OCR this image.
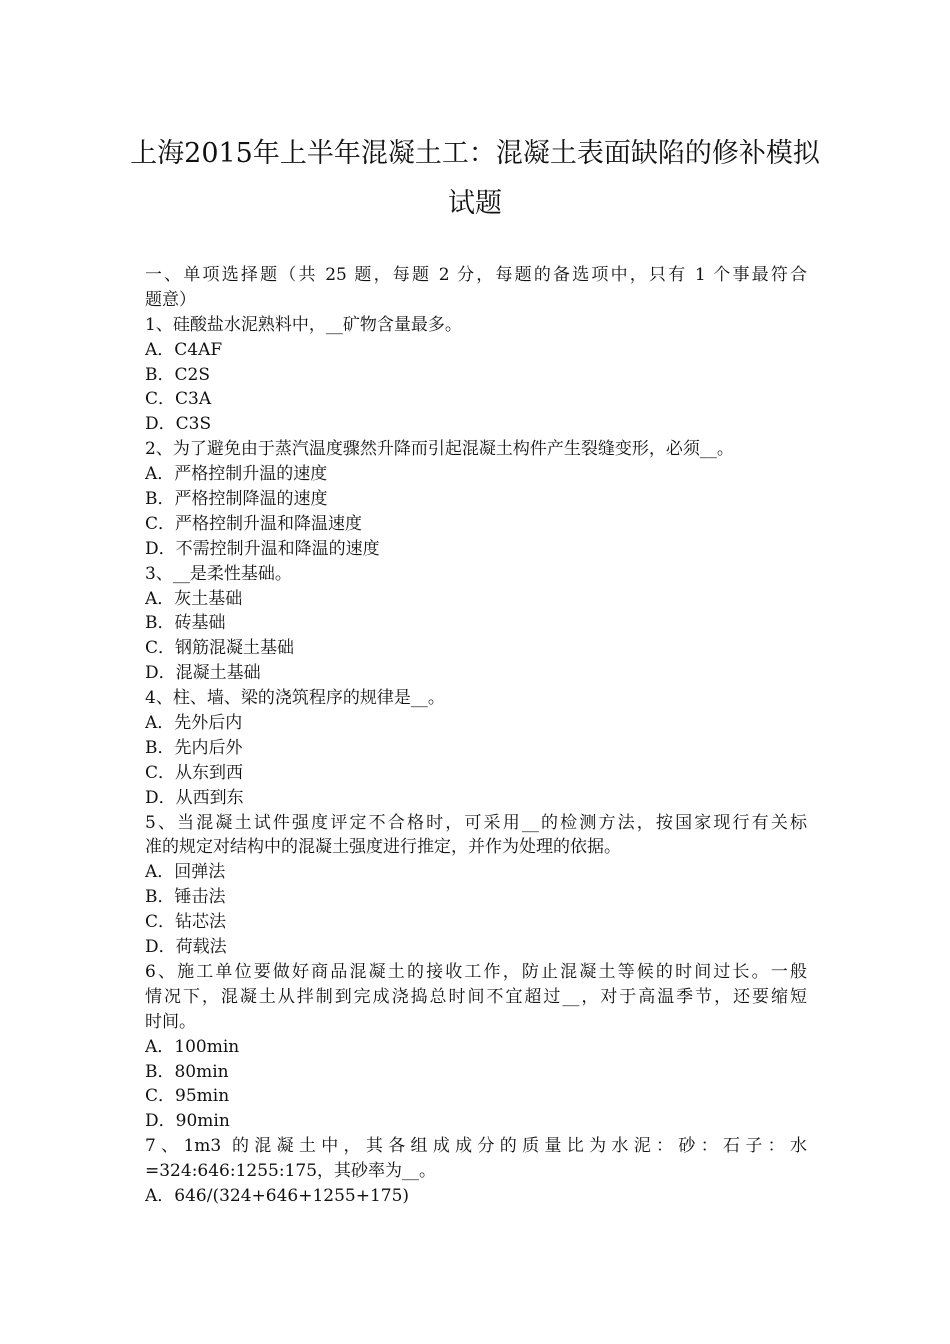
上海2015年上半年混凝土工：混凝土表面缺陷的修补模拟
试题
一、单项选择题（共 25 题，每题 2 分，每题的备选项中，只有 1 个事最符合
题意）
1、硅酸盐水泥熟料中，__矿物含量最多。
A．C4AF
B．C2S
C．C3A
D．C3S
2、为了避免由于蒸汽温度骤然升降而引起混凝土构件产生裂缝变形，必须__。
A．严格控制升温的速度
B．严格控制降温的速度
C．严格控制升温和降温速度
D．不需控制升温和降温的速度
3、__是柔性基础。
A．灰土基础
B．砖基础
C．钢筋混凝土基础
D．混凝土基础
4、柱、墙、梁的浇筑程序的规律是__。
A．先外后内
B．先内后外
C．从东到西
D．从西到东
5、当混凝土试件强度评定不合格时，可采用__的检测方法，按国家现行有关标
准的规定对结构中的混凝土强度进行推定，并作为处理的依据。
A．回弹法
B．锤击法
C．钻芯法
D．荷载法
6、施工单位要做好商品混凝土的接收工作，防止混凝土等候的时间过长。一般
情况下，混凝土从拌制到完成浇捣总时间不宜超过__，对于高温季节，还要缩短
时间。
A．100min
B．80min
C．95min
D．90min
7、1m3 的混凝土中，其各组成成分的质量比为水泥：砂：石子：水
=324:646:1255:175，其砂率为__。
A．646/(324+646+1255+175)
